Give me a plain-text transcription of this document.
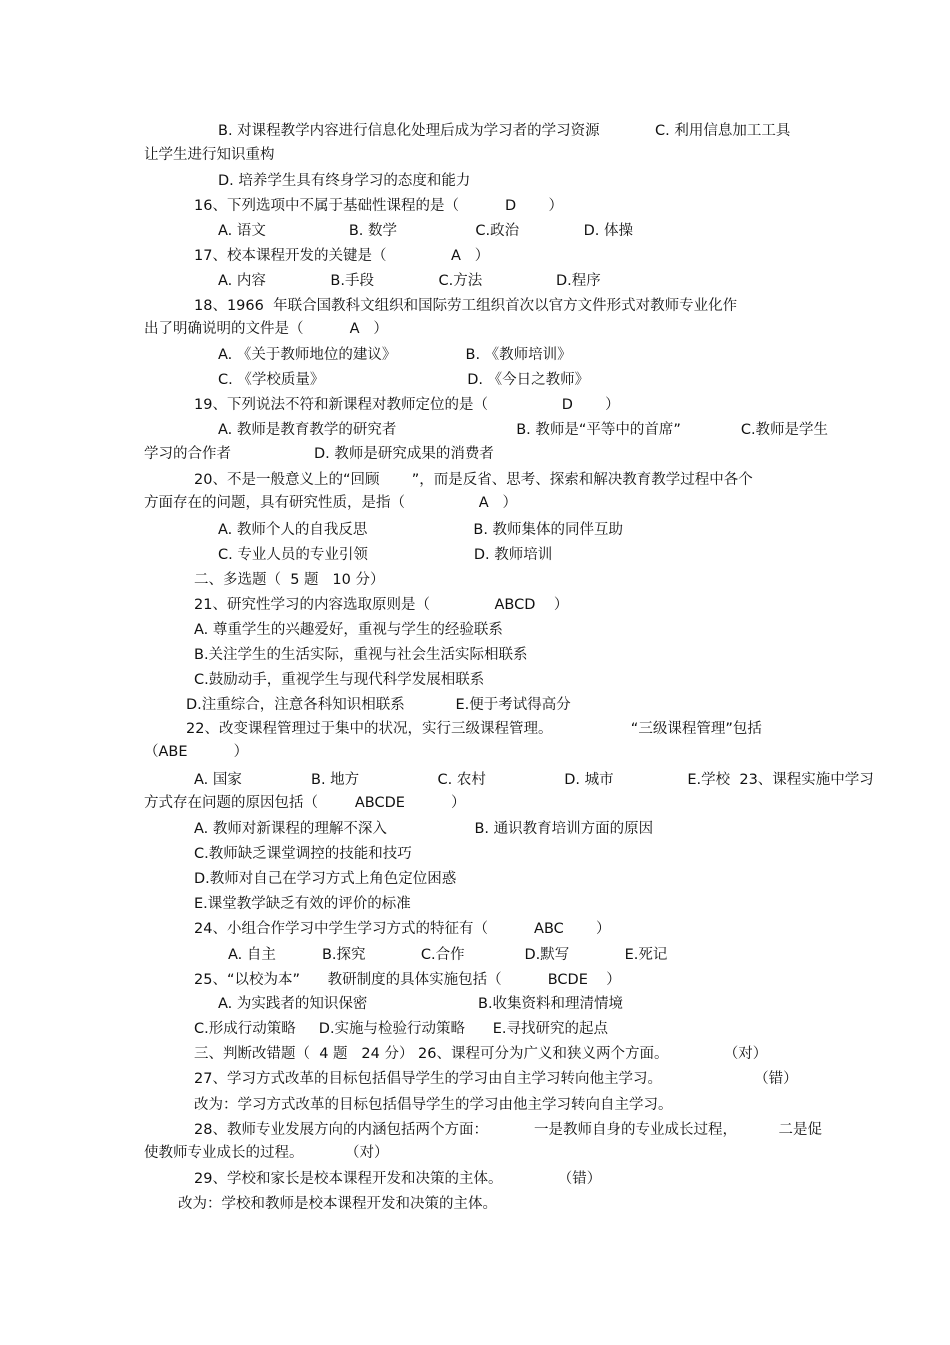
B. 对课程教学内容进行信息化处理后成为学习者的学习资源            C. 利用信息加工工具
让学生进行知识重构
D. 培养学生具有终身学习的态度和能力
16、下列选项中不属于基础性课程的是（          D       ）
A. 语文                  B. 数学                 C.政治              D. 体操
17、校本课程开发的关键是（              A   ）
A. 内容              B.手段              C.方法                D.程序
18、1966  年联合国教科文组织和国际劳工组织首次以官方文件形式对教师专业化作
出了明确说明的文件是（          A   ）
A. 《关于教师地位的建议》               B. 《教师培训》
C. 《学校质量》                               D. 《今日之教师》
19、下列说法不符和新课程对教师定位的是（                D       ）
A. 教师是教育教学的研究者                          B. 教师是“平等中的首席”             C.教师是学生
学习的合作者                  D. 教师是研究成果的消费者
20、不是一般意义上的“回顾       ”，而是反省、思考、探索和解决教育教学过程中各个
方面存在的问题，具有研究性质，是指（                A   ）
A. 教师个人的自我反思                       B. 教师集体的同伴互助
C. 专业人员的专业引领                       D. 教师培训
二、多选题（  5 题   10 分）
21、研究性学习的内容选取原则是（              ABCD    ）
A. 尊重学生的兴趣爱好，重视与学生的经验联系
B.关注学生的生活实际，重视与社会生活实际相联系
C.鼓励动手，重视学生与现代科学发展相联系
D.注重综合，注意各科知识相联系           E.便于考试得高分
22、改变课程管理过于集中的状况，实行三级课程管理。                 “三级课程管理”包括
（ABE          ）
A. 国家               B. 地方                 C. 农村                 D. 城市                E.学校  23、课程实施中学习
方式存在问题的原因包括（        ABCDE          ）
A. 教师对新课程的理解不深入                   B. 通识教育培训方面的原因
C.教师缺乏课堂调控的技能和技巧
D.教师对自己在学习方式上角色定位困惑
E.课堂教学缺乏有效的评价的标准
24、小组合作学习中学生学习方式的特征有（          ABC       ）
A. 自主          B.探究            C.合作             D.默写            E.死记
25、“以校为本”      教研制度的具体实施包括（          BCDE    ）
A. 为实践者的知识保密                        B.收集资料和理清情境
C.形成行动策略     D.实施与检验行动策略      E.寻找研究的起点
三、判断改错题（  4 题   24 分） 26、课程可分为广义和狭义两个方面。            （对）
27、学习方式改革的目标包括倡导学生的学习由自主学习转向他主学习。                    （错）
改为：学习方式改革的目标包括倡导学生的学习由他主学习转向自主学习。
28、教师专业发展方向的内涵包括两个方面：          一是教师自身的专业成长过程，         二是促
使教师专业成长的过程。         （对）
29、学校和家长是校本课程开发和决策的主体。            （错）
改为：学校和教师是校本课程开发和决策的主体。
